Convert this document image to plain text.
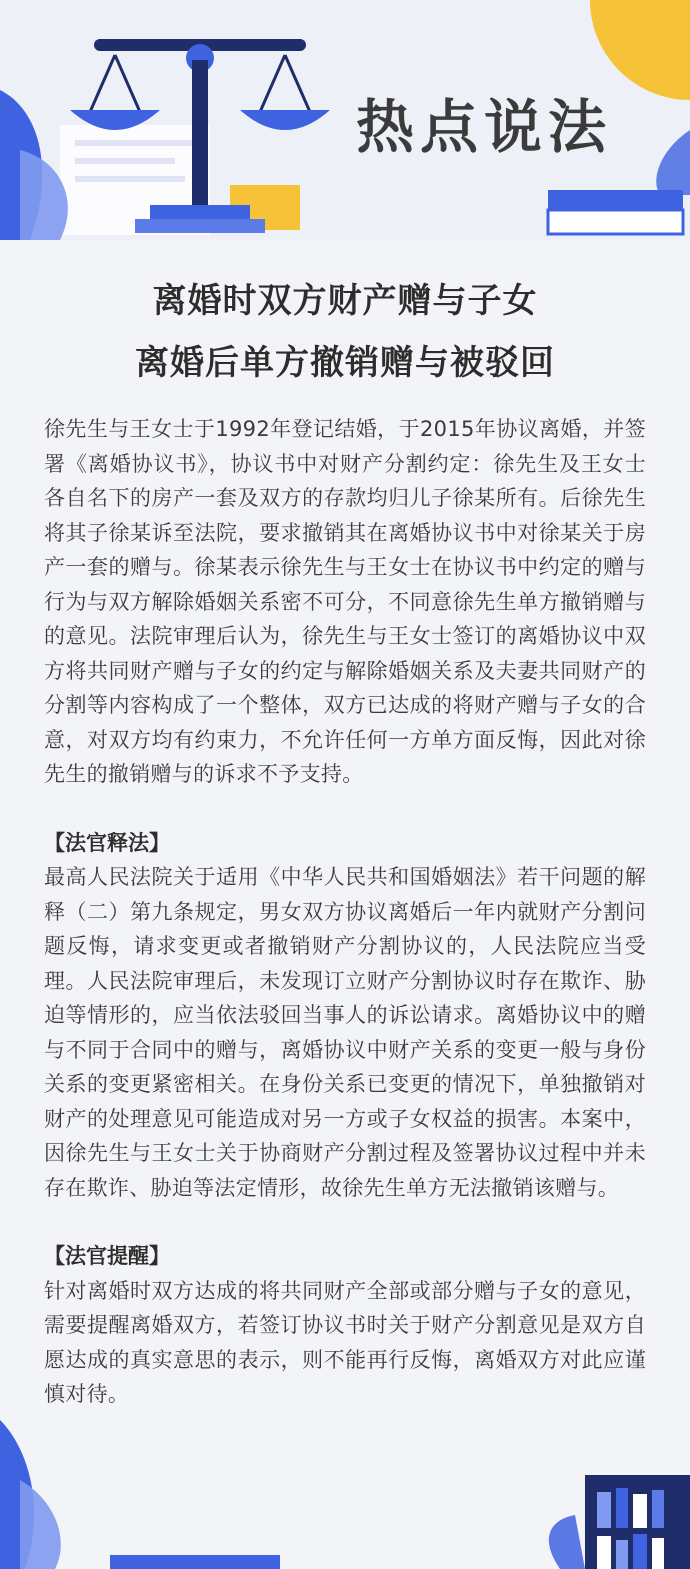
热点说法

离婚时双方财产赠与子女

离婚后单方撤销赠与被驳回

徐先生与王女士于1992年登记结婚，于2015年协议离婚，并签署《离婚协议书》，协议书中对财产分割约定：徐先生及王女士各自名下的房产一套及双方的存款均归儿子徐某所有。后徐先生将其子徐某诉至法院，要求撤销其在离婚协议书中对徐某关于房产一套的赠与。徐某表示徐先生与王女士在协议书中约定的赠与行为与双方解除婚姻关系密不可分，不同意徐先生单方撤销赠与的意见。法院审理后认为，徐先生与王女士签订的离婚协议中双方将共同财产赠与子女的约定与解除婚姻关系及夫妻共同财产的分割等内容构成了一个整体，双方已达成的将财产赠与子女的合意，对双方均有约束力，不允许任何一方单方面反悔，因此对徐先生的撤销赠与的诉求不予支持。

【法官释法】

最高人民法院关于适用《中华人民共和国婚姻法》若干问题的解释（二）第九条规定，男女双方协议离婚后一年内就财产分割问题反悔，请求变更或者撤销财产分割协议的，人民法院应当受理。人民法院审理后，未发现订立财产分割协议时存在欺诈、胁迫等情形的，应当依法驳回当事人的诉讼请求。离婚协议中的赠与不同于合同中的赠与，离婚协议中财产关系的变更一般与身份关系的变更紧密相关。在身份关系已变更的情况下，单独撤销对财产的处理意见可能造成对另一方或子女权益的损害。本案中，因徐先生与王女士关于协商财产分割过程及签署协议过程中并未存在欺诈、胁迫等法定情形，故徐先生单方无法撤销该赠与。

【法官提醒】

针对离婚时双方达成的将共同财产全部或部分赠与子女的意见，需要提醒离婚双方，若签订协议书时关于财产分割意见是双方自愿达成的真实意思的表示，则不能再行反悔，离婚双方对此应谨慎对待。
